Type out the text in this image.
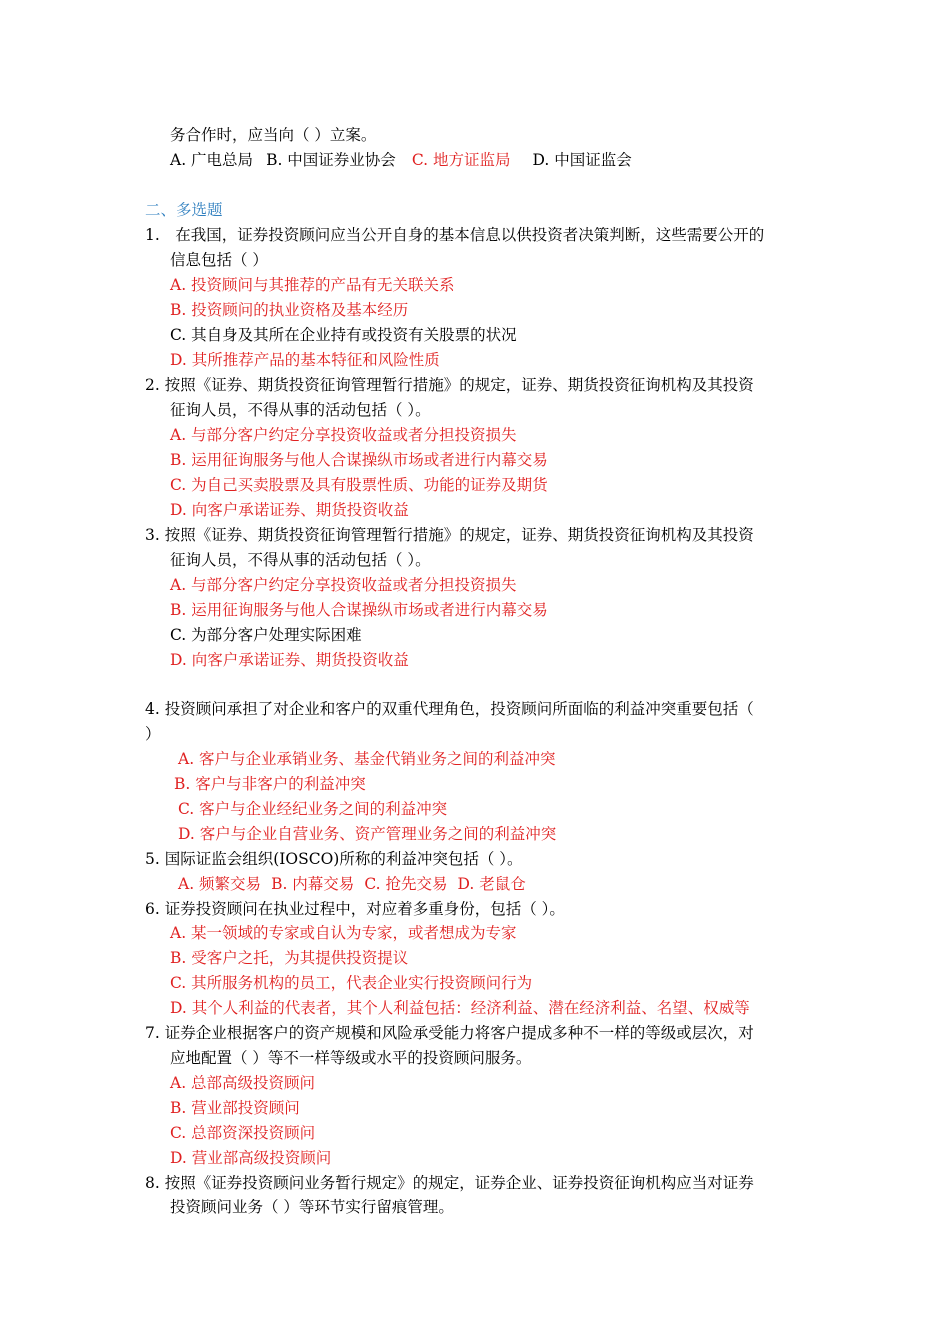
务合作时，应当向（ ）立案。
A. 广电总局 B. 中国证券业协会 C. 地方证监局 D. 中国证监会
二、多选题
1.　在我国，证券投资顾问应当公开自身的基本信息以供投资者决策判断，这些需要公开的
信息包括（ ）
A. 投资顾问与其推荐的产品有无关联关系
B. 投资顾问的执业资格及基本经历
C. 其自身及其所在企业持有或投资有关股票的状况
D. 其所推荐产品的基本特征和风险性质
2. 按照《证券、期货投资征询管理暂行措施》的规定，证券、期货投资征询机构及其投资
征询人员，不得从事的活动包括（ ）。
A. 与部分客户约定分享投资收益或者分担投资损失
B. 运用征询服务与他人合谋操纵市场或者进行内幕交易
C. 为自己买卖股票及具有股票性质、功能的证券及期货
D. 向客户承诺证券、期货投资收益
3. 按照《证券、期货投资征询管理暂行措施》的规定，证券、期货投资征询机构及其投资
征询人员，不得从事的活动包括（ ）。
A. 与部分客户约定分享投资收益或者分担投资损失
B. 运用征询服务与他人合谋操纵市场或者进行内幕交易
C. 为部分客户处理实际困难
D. 向客户承诺证券、期货投资收益
4. 投资顾问承担了对企业和客户的双重代理角色，投资顾问所面临的利益冲突重要包括（
）
A. 客户与企业承销业务、基金代销业务之间的利益冲突
B. 客户与非客户的利益冲突
C. 客户与企业经纪业务之间的利益冲突
D. 客户与企业自营业务、资产管理业务之间的利益冲突
5. 国际证监会组织(IOSCO)所称的利益冲突包括（ ）。
A. 频繁交易 B. 内幕交易 C. 抢先交易 D. 老鼠仓
6. 证券投资顾问在执业过程中，对应着多重身份，包括（ ）。
A. 某一领域的专家或自认为专家，或者想成为专家
B. 受客户之托，为其提供投资提议
C. 其所服务机构的员工，代表企业实行投资顾问行为
D. 其个人利益的代表者，其个人利益包括：经济利益、潜在经济利益、名望、权威等
7. 证券企业根据客户的资产规模和风险承受能力将客户提成多种不一样的等级或层次，对
应地配置（ ）等不一样等级或水平的投资顾问服务。
A. 总部高级投资顾问
B. 营业部投资顾问
C. 总部资深投资顾问
D. 营业部高级投资顾问
8. 按照《证券投资顾问业务暂行规定》的规定，证券企业、证券投资征询机构应当对证券
投资顾问业务（ ）等环节实行留痕管理。
